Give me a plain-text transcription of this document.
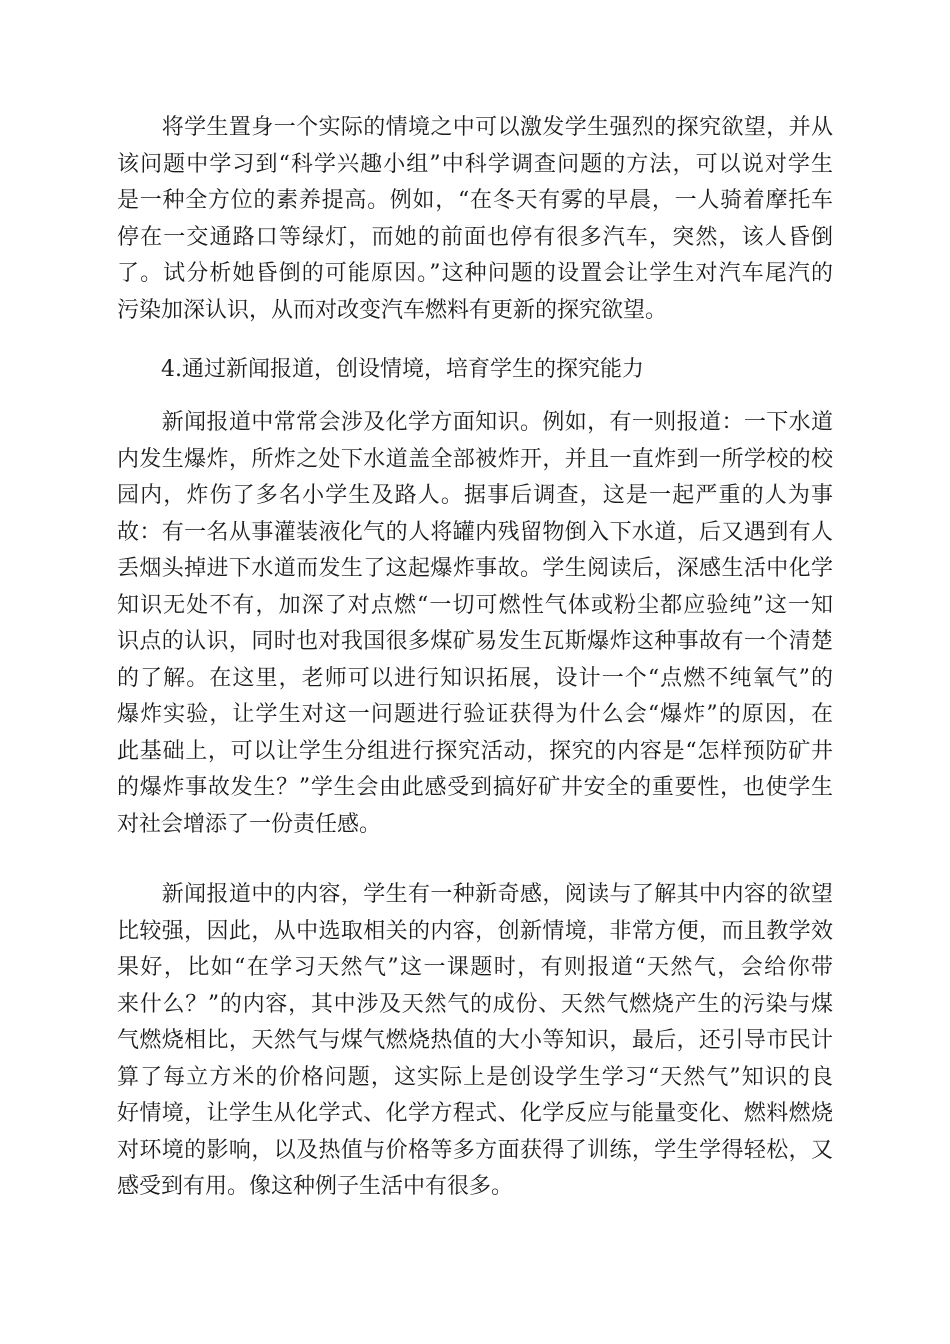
　　将学生置身一个实际的情境之中可以激发学生强烈的探究欲望，并从
该问题中学习到“科学兴趣小组”中科学调查问题的方法，可以说对学生
是一种全方位的素养提高。例如，“在冬天有雾的早晨，一人骑着摩托车
停在一交通路口等绿灯，而她的前面也停有很多汽车，突然，该人昏倒
了。试分析她昏倒的可能原因。”这种问题的设置会让学生对汽车尾汽的
污染加深认识，从而对改变汽车燃料有更新的探究欲望。
　　4.通过新闻报道，创设情境，培育学生的探究能力
　　新闻报道中常常会涉及化学方面知识。例如，有一则报道：一下水道
内发生爆炸，所炸之处下水道盖全部被炸开，并且一直炸到一所学校的校
园内，炸伤了多名小学生及路人。据事后调查，这是一起严重的人为事
故：有一名从事灌装液化气的人将罐内残留物倒入下水道，后又遇到有人
丢烟头掉进下水道而发生了这起爆炸事故。学生阅读后，深感生活中化学
知识无处不有，加深了对点燃“一切可燃性气体或粉尘都应验纯”这一知
识点的认识，同时也对我国很多煤矿易发生瓦斯爆炸这种事故有一个清楚
的了解。在这里，老师可以进行知识拓展，设计一个“点燃不纯氧气”的
爆炸实验，让学生对这一问题进行验证获得为什么会“爆炸”的原因，在
此基础上，可以让学生分组进行探究活动，探究的内容是“怎样预防矿井
的爆炸事故发生？”学生会由此感受到搞好矿井安全的重要性，也使学生
对社会增添了一份责任感。
　　新闻报道中的内容，学生有一种新奇感，阅读与了解其中内容的欲望
比较强，因此，从中选取相关的内容，创新情境，非常方便，而且教学效
果好，比如“在学习天然气”这一课题时，有则报道“天然气，会给你带
来什么？”的内容，其中涉及天然气的成份、天然气燃烧产生的污染与煤
气燃烧相比，天然气与煤气燃烧热值的大小等知识，最后，还引导市民计
算了每立方米的价格问题，这实际上是创设学生学习“天然气”知识的良
好情境，让学生从化学式、化学方程式、化学反应与能量变化、燃料燃烧
对环境的影响，以及热值与价格等多方面获得了训练，学生学得轻松，又
感受到有用。像这种例子生活中有很多。
